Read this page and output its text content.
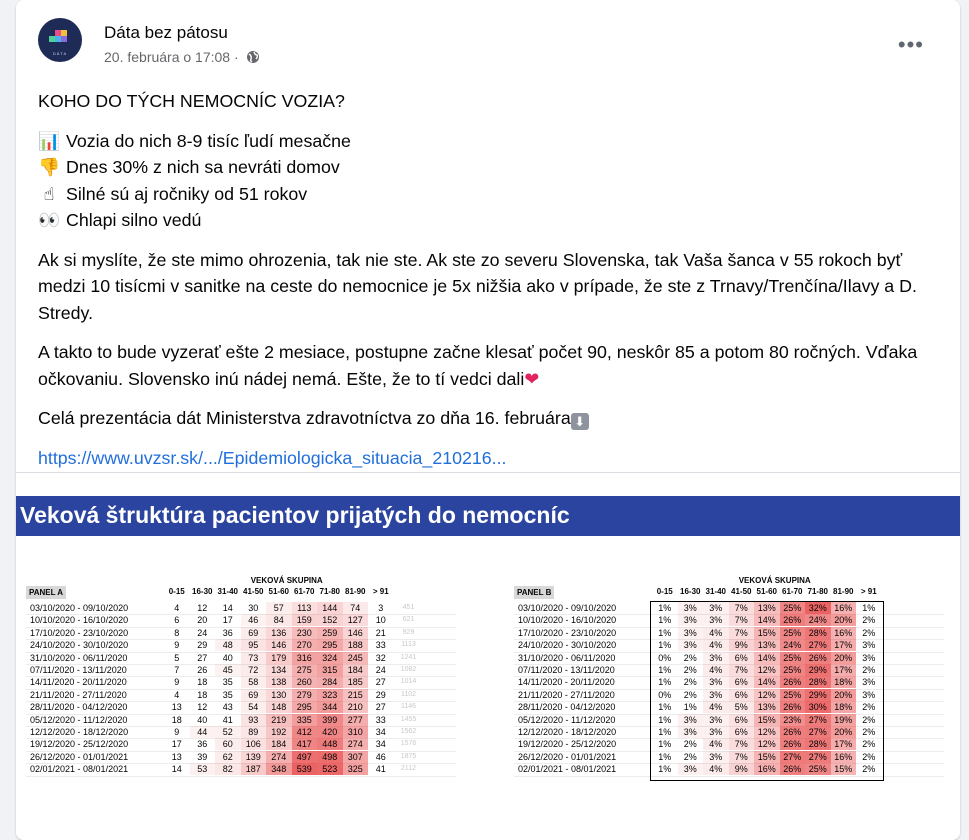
DÁTA
Dáta bez pátosu
20. februára o 17:08 ·	•••

KOHO DO TÝCH NEMOCNÍC VOZIA?

📊 Vozia do nich 8-9 tisíc ľudí mesačne
👎 Dnes 30% z nich sa nevráti domov
☝ Silné sú aj ročniky od 51 rokov
👀 Chlapi silno vedú

Ak si myslíte, že ste mimo ohrozenia, tak nie ste. Ak ste zo severu Slovenska, tak Vaša šanca v 55 rokoch byť medzi 10 tisícmi v sanitke na ceste do nemocnice je 5x nižšia ako v prípade, že ste z Trnavy/Trenčína/Ilavy a D. Stredy.

A takto to bude vyzerať ešte 2 mesiace, postupne začne klesať počet 90, neskôr 85 a potom 80 ročných. Vďaka očkovaniu. Slovensko inú nádej nemá. Ešte, že to tí vedci dali❤

Celá prezentácia dát Ministerstva zdravotníctva zo dňa 16. februára ⬇

https://www.uvzsr.sk/.../Epidemiologicka_situacia_210216...

Veková štruktúra pacientov prijatých do nemocníc
VEKOVÁ SKUPINA
PANEL A	0-15 16-30 31-40 41-50 51-60 61-70 71-80 81-90 > 91
03/10/2020 - 09/10/2020	4	12	14	30	57	113	144	74	3	451
10/10/2020 - 16/10/2020	6	20	17	46	84	159	152	127	10	621
17/10/2020 - 23/10/2020	8	24	36	69	136	230	259	146	21	929
24/10/2020 - 30/10/2020	9	29	48	95	146	270	295	188	33	1113
31/10/2020 - 06/11/2020	5	27	40	73	179	316	324	245	32	1241
07/11/2020 - 13/11/2020	7	26	45	72	134	275	315	184	24	1082
14/11/2020 - 20/11/2020	9	18	35	58	138	260	284	185	27	1014
21/11/2020 - 27/11/2020	4	18	35	69	130	279	323	215	29	1102
28/11/2020 - 04/12/2020	13	12	43	54	148	295	344	210	27	1146
05/12/2020 - 11/12/2020	18	40	41	93	219	335	399	277	33	1455
12/12/2020 - 18/12/2020	9	44	52	89	192	412	420	310	34	1562
19/12/2020 - 25/12/2020	17	36	60	106	184	417	448	274	34	1576
26/12/2020 - 01/01/2021	13	39	62	139	274	497	498	307	46	1875
02/01/2021 - 08/01/2021	14	53	82	187	348	539	523	325	41	2112
VEKOVÁ SKUPINA
PANEL B	0-15 16-30 31-40 41-50 51-60 61-70 71-80 81-90 > 91
03/10/2020 - 09/10/2020	1%	3%	3%	7%	13% 25% 32% 16%	1%
10/10/2020 - 16/10/2020	1%	3%	3%	7%	14% 26% 24% 20%	2%
17/10/2020 - 23/10/2020	1%	3%	4%	7%	15% 25% 28% 16%	2%
24/10/2020 - 30/10/2020	1%	3%	4%	9%	13% 24% 27% 17%	3%
31/10/2020 - 06/11/2020	0%	2%	3%	6%	14% 25% 26% 20%	3%
07/11/2020 - 13/11/2020	1%	2%	4%	7%	12% 25% 29% 17%	2%
14/11/2020 - 20/11/2020	1%	2%	3%	6%	14% 26% 28% 18%	3%
21/11/2020 - 27/11/2020	0%	2%	3%	6%	12% 25% 29% 20%	3%
28/11/2020 - 04/12/2020	1%	1%	4%	5%	13% 26% 30% 18%	2%
05/12/2020 - 11/12/2020	1%	3%	3%	6%	15% 23% 27% 19%	2%
12/12/2020 - 18/12/2020	1%	3%	3%	6%	12% 26% 27% 20%	2%
19/12/2020 - 25/12/2020	1%	2%	4%	7%	12% 26% 28% 17%	2%
26/12/2020 - 01/01/2021	1%	2%	3%	7%	15% 27% 27% 16%	2%
02/01/2021 - 08/01/2021	1%	3%	4%	9%	16% 26% 25% 15%	2%
